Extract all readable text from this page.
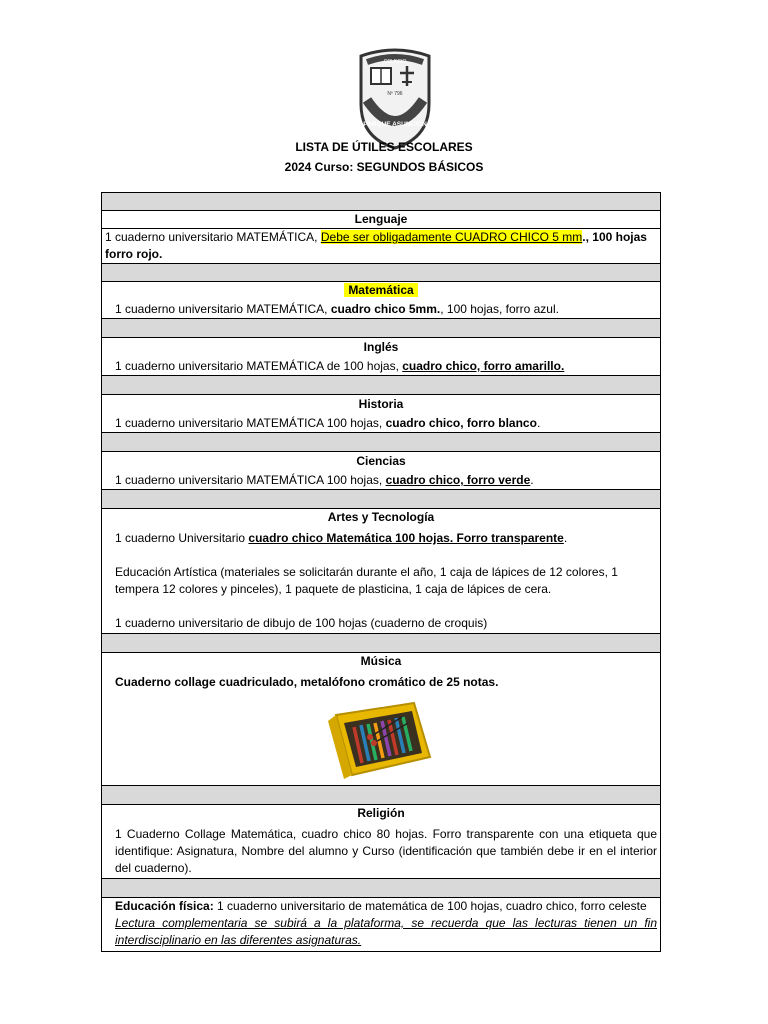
COLEGIO
Nº 796
PARQUE ASUNCIÓN
LISTA DE ÚTILES ESCOLARES
2024 Curso: SEGUNDOS BÁSICOS

Lenguaje

1 cuaderno universitario MATEMÁTICA, Debe ser obligadamente CUADRO CHICO 5 mm., 100 hojas forro rojo.

Matemática

1 cuaderno universitario MATEMÁTICA, cuadro chico 5mm., 100 hojas, forro azul.

Inglés

1 cuaderno universitario MATEMÁTICA de 100 hojas, cuadro chico, forro amarillo.

Historia

1 cuaderno universitario MATEMÁTICA 100 hojas, cuadro chico, forro blanco.

Ciencias

1 cuaderno universitario MATEMÁTICA 100 hojas, cuadro chico, forro verde.

Artes y Tecnología

1 cuaderno Universitario cuadro chico Matemática 100 hojas. Forro transparente.

Educación Artística (materiales se solicitarán durante el año, 1 caja de lápices de 12 colores, 1 tempera 12 colores y pinceles), 1 paquete de plasticina, 1 caja de lápices de cera.

1 cuaderno universitario de dibujo de 100 hojas (cuaderno de croquis)

Música

Cuaderno collage cuadriculado, metalófono cromático de 25 notas.

Religión

1 Cuaderno Collage Matemática, cuadro chico 80 hojas. Forro transparente con una etiqueta que identifique: Asignatura, Nombre del alumno y Curso (identificación que también debe ir en el interior del cuaderno).

Educación física: 1 cuaderno universitario de matemática de 100 hojas, cuadro chico, forro celeste

Lectura complementaria se subirá a la plataforma, se recuerda que las lecturas tienen un fin interdisciplinario en las diferentes asignaturas.
